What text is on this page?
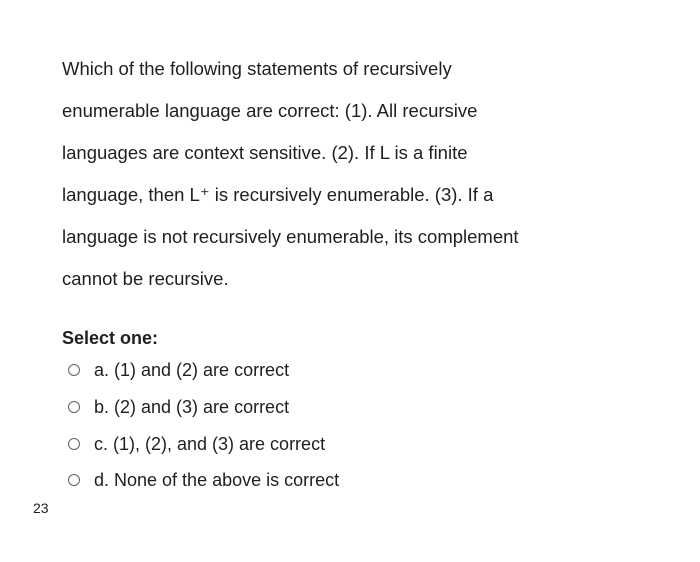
Which of the following statements of recursively
enumerable language are correct: (1). All recursive
languages are context sensitive. (2). If L is a finite
language, then L⁺ is recursively enumerable. (3). If a
language is not recursively enumerable, its complement
cannot be recursive.

Select one:
a. (1) and (2) are correct
b. (2) and (3) are correct
c. (1), (2), and (3) are correct
d. None of the above is correct
23
